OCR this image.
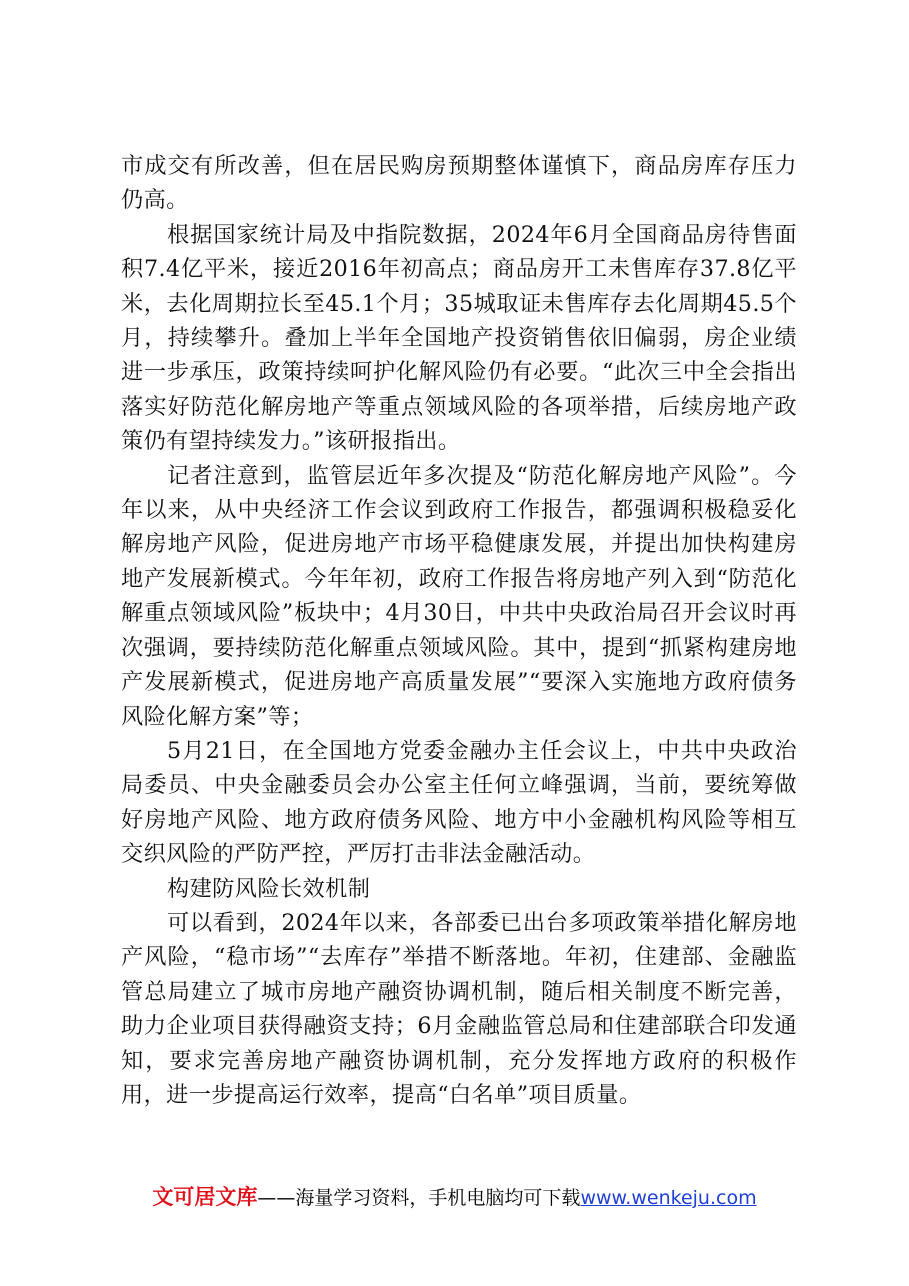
市成交有所改善，但在居民购房预期整体谨慎下，商品房库存压力仍高。

根据国家统计局及中指院数据，2024年6月全国商品房待售面积7.4亿平米，接近2016年初高点；商品房开工未售库存37.8亿平米，去化周期拉长至45.1个月；35城取证未售库存去化周期45.5个月，持续攀升。叠加上半年全国地产投资销售依旧偏弱，房企业绩进一步承压，政策持续呵护化解风险仍有必要。“此次三中全会指出落实好防范化解房地产等重点领域风险的各项举措，后续房地产政策仍有望持续发力。”该研报指出。

记者注意到，监管层近年多次提及“防范化解房地产风险”。今年以来，从中央经济工作会议到政府工作报告，都强调积极稳妥化解房地产风险，促进房地产市场平稳健康发展，并提出加快构建房地产发展新模式。今年年初，政府工作报告将房地产列入到“防范化解重点领域风险”板块中；4月30日，中共中央政治局召开会议时再次强调，要持续防范化解重点领域风险。其中，提到“抓紧构建房地产发展新模式，促进房地产高质量发展”“要深入实施地方政府债务风险化解方案”等；

5月21日，在全国地方党委金融办主任会议上，中共中央政治局委员、中央金融委员会办公室主任何立峰强调，当前，要统筹做好房地产风险、地方政府债务风险、地方中小金融机构风险等相互交织风险的严防严控，严厉打击非法金融活动。

构建防风险长效机制

可以看到，2024年以来，各部委已出台多项政策举措化解房地产风险，“稳市场”“去库存”举措不断落地。年初，住建部、金融监管总局建立了城市房地产融资协调机制，随后相关制度不断完善，助力企业项目获得融资支持；6月金融监管总局和住建部联合印发通知，要求完善房地产融资协调机制，充分发挥地方政府的积极作用，进一步提高运行效率，提高“白名单”项目质量。

文可居文库——海量学习资料，手机电脑均可下载www.wenkeju.com
